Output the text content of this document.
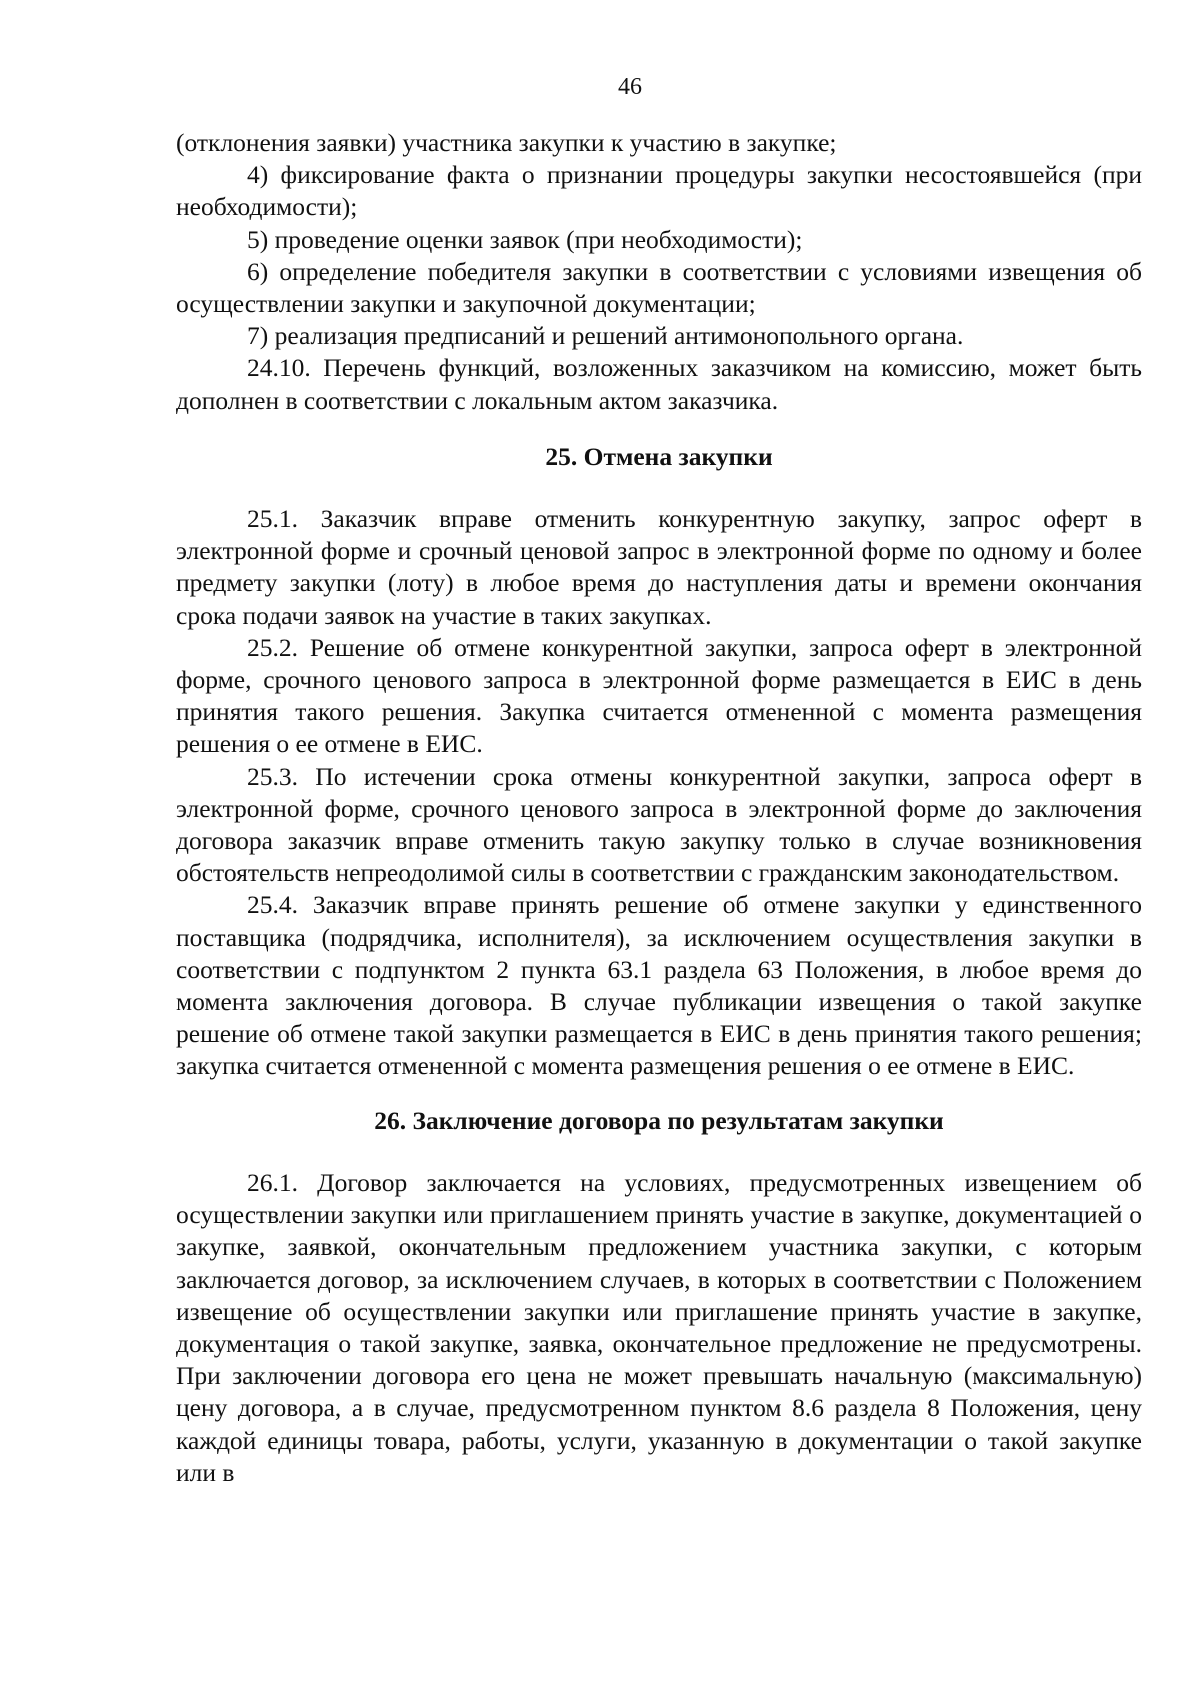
46

(отклонения заявки) участника закупки к участию в закупке;

4) фиксирование факта о признании процедуры закупки несостоявшейся (при необходимости);

5) проведение оценки заявок (при необходимости);

6) определение победителя закупки в соответствии с условиями извещения об осуществлении закупки и закупочной документации;

7) реализация предписаний и решений антимонопольного органа.

24.10. Перечень функций, возложенных заказчиком на комиссию, может быть дополнен в соответствии с локальным актом заказчика.

25. Отмена закупки

25.1. Заказчик вправе отменить конкурентную закупку, запрос оферт в электронной форме и срочный ценовой запрос в электронной форме по одному и более предмету закупки (лоту) в любое время до наступления даты и времени окончания срока подачи заявок на участие в таких закупках.

25.2. Решение об отмене конкурентной закупки, запроса оферт в электронной форме, срочного ценового запроса в электронной форме размещается в ЕИС в день принятия такого решения. Закупка считается отмененной с момента размещения решения о ее отмене в ЕИС.

25.3. По истечении срока отмены конкурентной закупки, запроса оферт в электронной форме, срочного ценового запроса в электронной форме до заключения договора заказчик вправе отменить такую закупку только в случае возникновения обстоятельств непреодолимой силы в соответствии с гражданским законодательством.

25.4. Заказчик вправе принять решение об отмене закупки у единственного поставщика (подрядчика, исполнителя), за исключением осуществления закупки в соответствии с подпунктом 2 пункта 63.1 раздела 63 Положения, в любое время до момента заключения договора. В случае публикации извещения о такой закупке решение об отмене такой закупки размещается в ЕИС в день принятия такого решения; закупка считается отмененной с момента размещения решения о ее отмене в ЕИС.

26. Заключение договора по результатам закупки

26.1. Договор заключается на условиях, предусмотренных извещением об осуществлении закупки или приглашением принять участие в закупке, документацией о закупке, заявкой, окончательным предложением участника закупки, с которым заключается договор, за исключением случаев, в которых в соответствии с Положением извещение об осуществлении закупки или приглашение принять участие в закупке, документация о такой закупке, заявка, окончательное предложение не предусмотрены. При заключении договора его цена не может превышать начальную (максимальную) цену договора, а в случае, предусмотренном пунктом 8.6 раздела 8 Положения, цену каждой единицы товара, работы, услуги, указанную в документации о такой закупке или в
